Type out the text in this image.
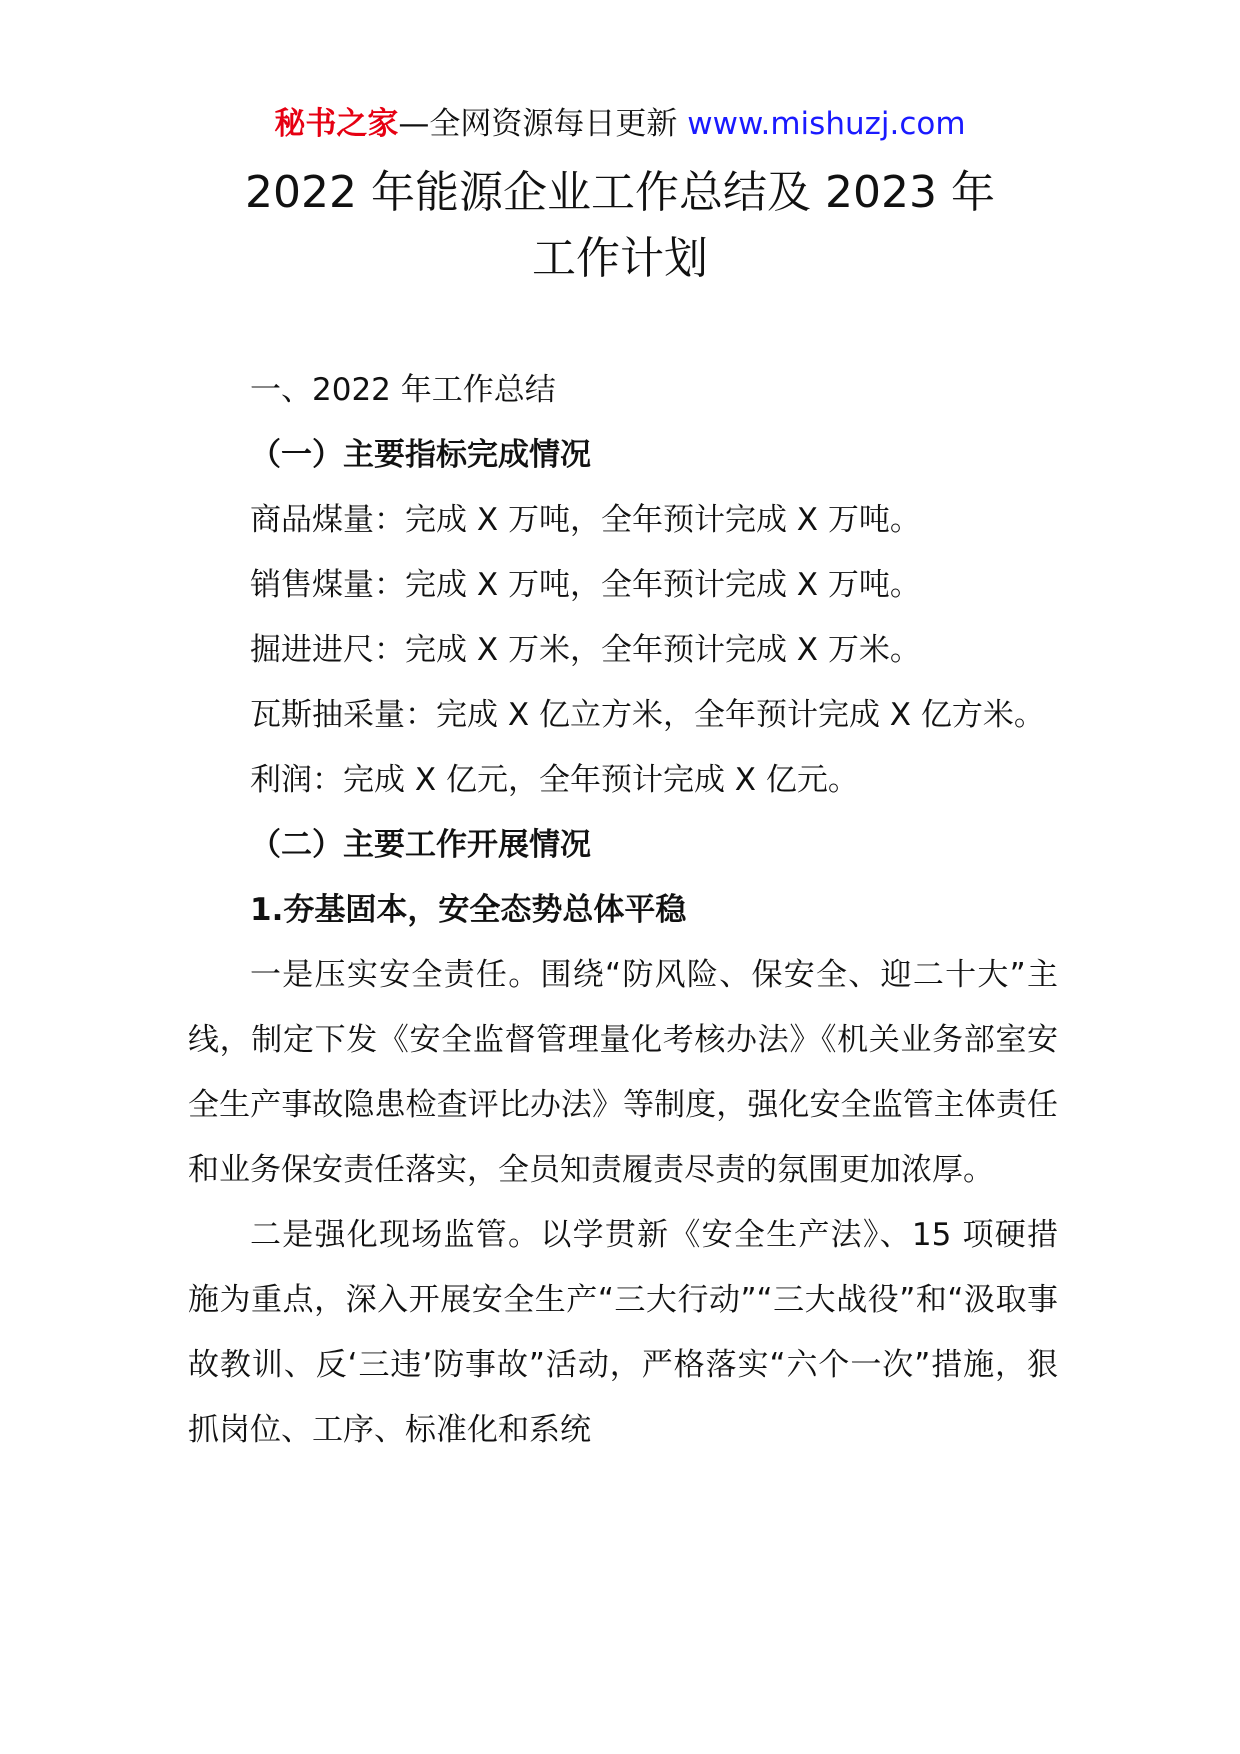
秘书之家—全网资源每日更新 www.mishuzj.com
2022 年能源企业工作总结及 2023 年
工作计划

一、2022 年工作总结

（一）主要指标完成情况

商品煤量：完成 X 万吨，全年预计完成 X 万吨。

销售煤量：完成 X 万吨，全年预计完成 X 万吨。

掘进进尺：完成 X 万米，全年预计完成 X 万米。

瓦斯抽采量：完成 X 亿立方米，全年预计完成 X 亿方米。

利润：完成 X 亿元，全年预计完成 X 亿元。

（二）主要工作开展情况

1.夯基固本，安全态势总体平稳

一是压实安全责任。围绕“防风险、保安全、迎二十大”主线，制定下发《安全监督管理量化考核办法》《机关业务部室安全生产事故隐患检查评比办法》等制度，强化安全监管主体责任和业务保安责任落实，全员知责履责尽责的氛围更加浓厚。

二是强化现场监管。以学贯新《安全生产法》、15 项硬措施为重点，深入开展安全生产“三大行动”“三大战役”和“汲取事故教训、反‘三违’防事故”活动，严格落实“六个一次”措施，狠抓岗位、工序、标准化和系统
